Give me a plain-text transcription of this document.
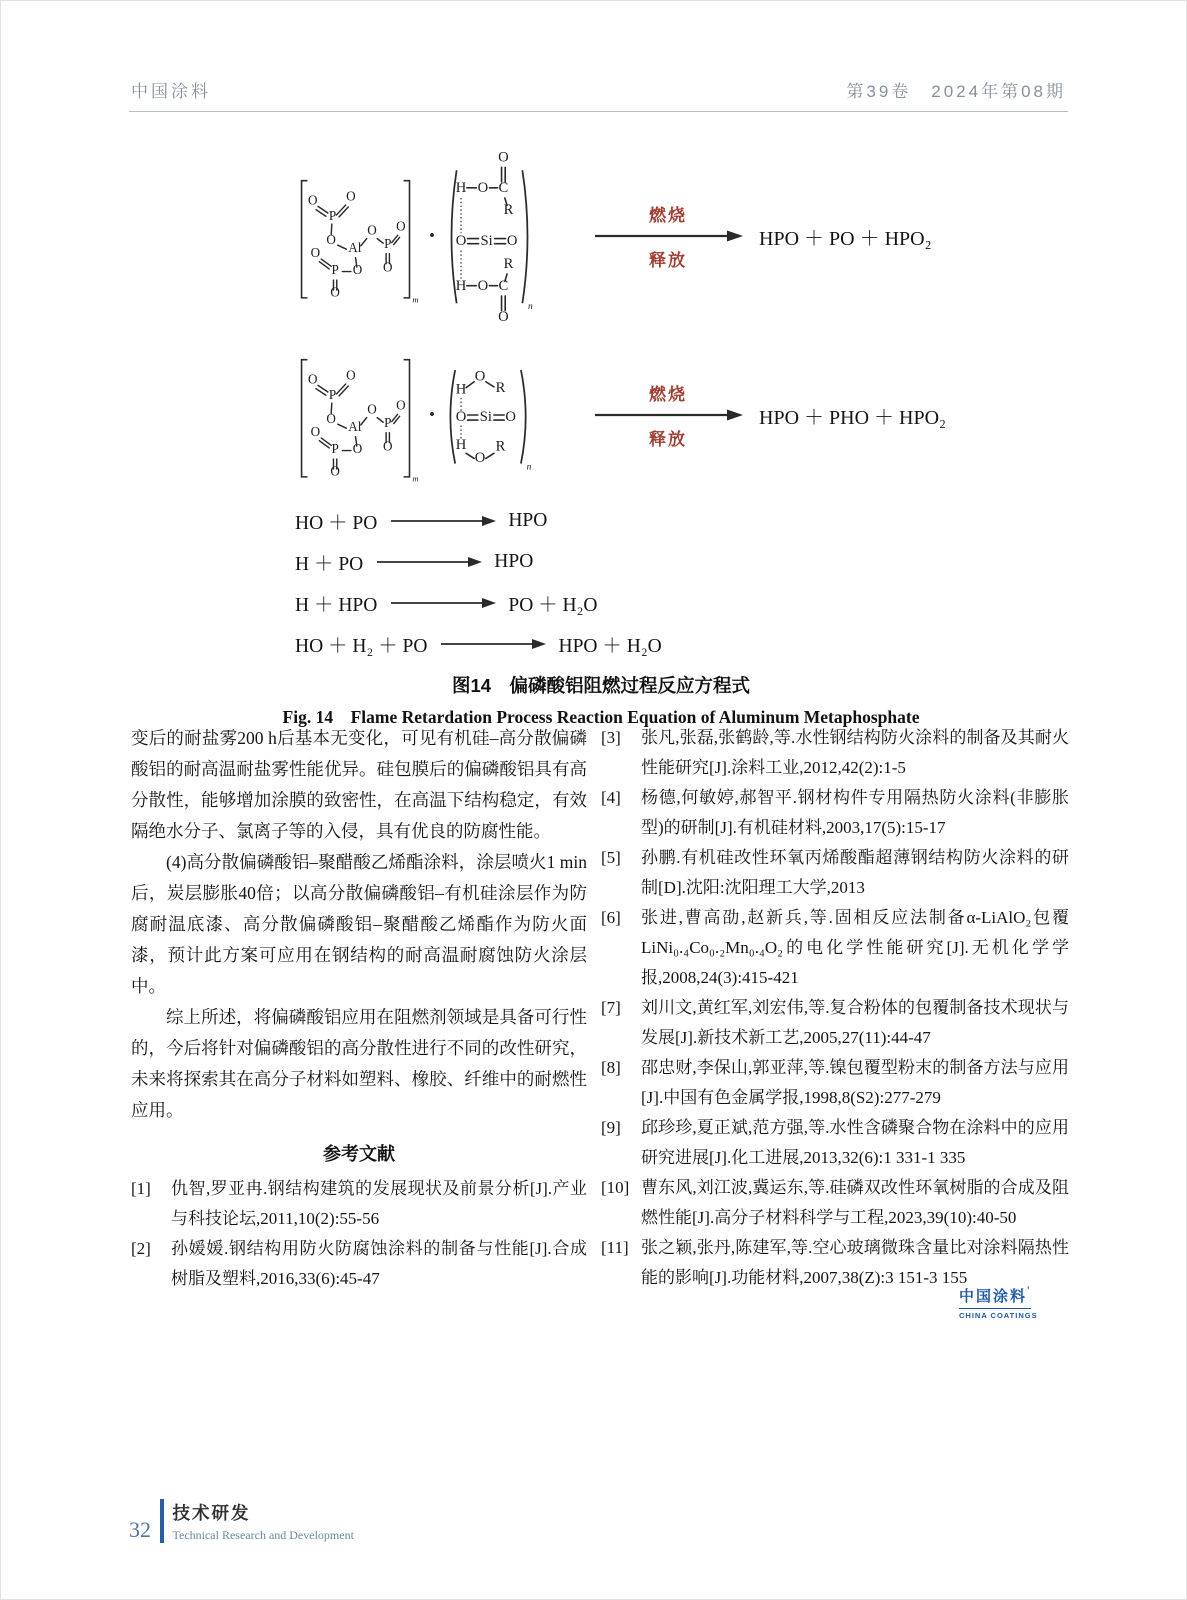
中国涂料	第39卷　2024年第08期
·
n
H O C
O
R
O Si O
H O C
R
O
燃烧
释放
HPO ＋ PO ＋ HPO₂
·
n
H
O
R
O Si O
H
O
R
燃烧
释放
HPO ＋ PHO ＋ HPO₂
HO ＋ PO	HPO
H ＋ PO	HPO
H ＋ HPO	PO ＋ H₂O
HO ＋ H₂ ＋ PO	HPO ＋ H₂O
图14　偏磷酸铝阻燃过程反应方程式
Fig. 14　Flame Retardation Process Reaction Equation of Aluminum Metaphosphate
变后的耐盐雾200 h后基本无变化，可见有机硅–高分散偏磷酸铝的耐高温耐盐雾性能优异。硅包膜后的偏磷酸铝具有高分散性，能够增加涂膜的致密性，在高温下结构稳定，有效隔绝水分子、氯离子等的入侵，具有优良的防腐性能。
(4)高分散偏磷酸铝–聚醋酸乙烯酯涂料，涂层喷火1 min后，炭层膨胀40倍；以高分散偏磷酸铝–有机硅涂层作为防腐耐温底漆、高分散偏磷酸铝–聚醋酸乙烯酯作为防火面漆，预计此方案可应用在钢结构的耐高温耐腐蚀防火涂层中。
综上所述，将偏磷酸铝应用在阻燃剂领域是具备可行性的，今后将针对偏磷酸铝的高分散性进行不同的改性研究，未来将探索其在高分子材料如塑料、橡胶、纤维中的耐燃性应用。
参考文献
[1]	仇智,罗亚冉.钢结构建筑的发展现状及前景分析[J].产业与科技论坛,2011,10(2):55-56
[2]	孙媛媛.钢结构用防火防腐蚀涂料的制备与性能[J].合成树脂及塑料,2016,33(6):45-47
[3]	张凡,张磊,张鹤龄,等.水性钢结构防火涂料的制备及其耐火性能研究[J].涂料工业,2012,42(2):1-5
[4]	杨德,何敏婷,郝智平.钢材构件专用隔热防火涂料(非膨胀型)的研制[J].有机硅材料,2003,17(5):15-17
[5]	孙鹏.有机硅改性环氧丙烯酸酯超薄钢结构防火涂料的研制[D].沈阳:沈阳理工大学,2013
[6]	张进,曹高劭,赵新兵,等.固相反应法制备α-LiAlO₂包覆LiNi₀.₄Co₀.₂Mn₀.₄O₂的电化学性能研究[J].无机化学学报,2008,24(3):415-421
[7]	刘川文,黄红军,刘宏伟,等.复合粉体的包覆制备技术现状与发展[J].新技术新工艺,2005,27(11):44-47
[8]	邵忠财,李保山,郭亚萍,等.镍包覆型粉末的制备方法与应用[J].中国有色金属学报,1998,8(S2):277-279
[9]	邱珍珍,夏正斌,范方强,等.水性含磷聚合物在涂料中的应用研究进展[J].化工进展,2013,32(6):1 331-1 335
[10] 曹东风,刘江波,冀运东,等.硅磷双改性环氧树脂的合成及阻燃性能[J].高分子材料科学与工程,2023,39(10):40-50
[11] 张之颖,张丹,陈建军,等.空心玻璃微珠含量比对涂料隔热性能的影响[J].功能材料,2007,38(Z):3 151-3 155
中国涂料’
CHINA COATINGS
32
技术研发
Technical Research and Development
